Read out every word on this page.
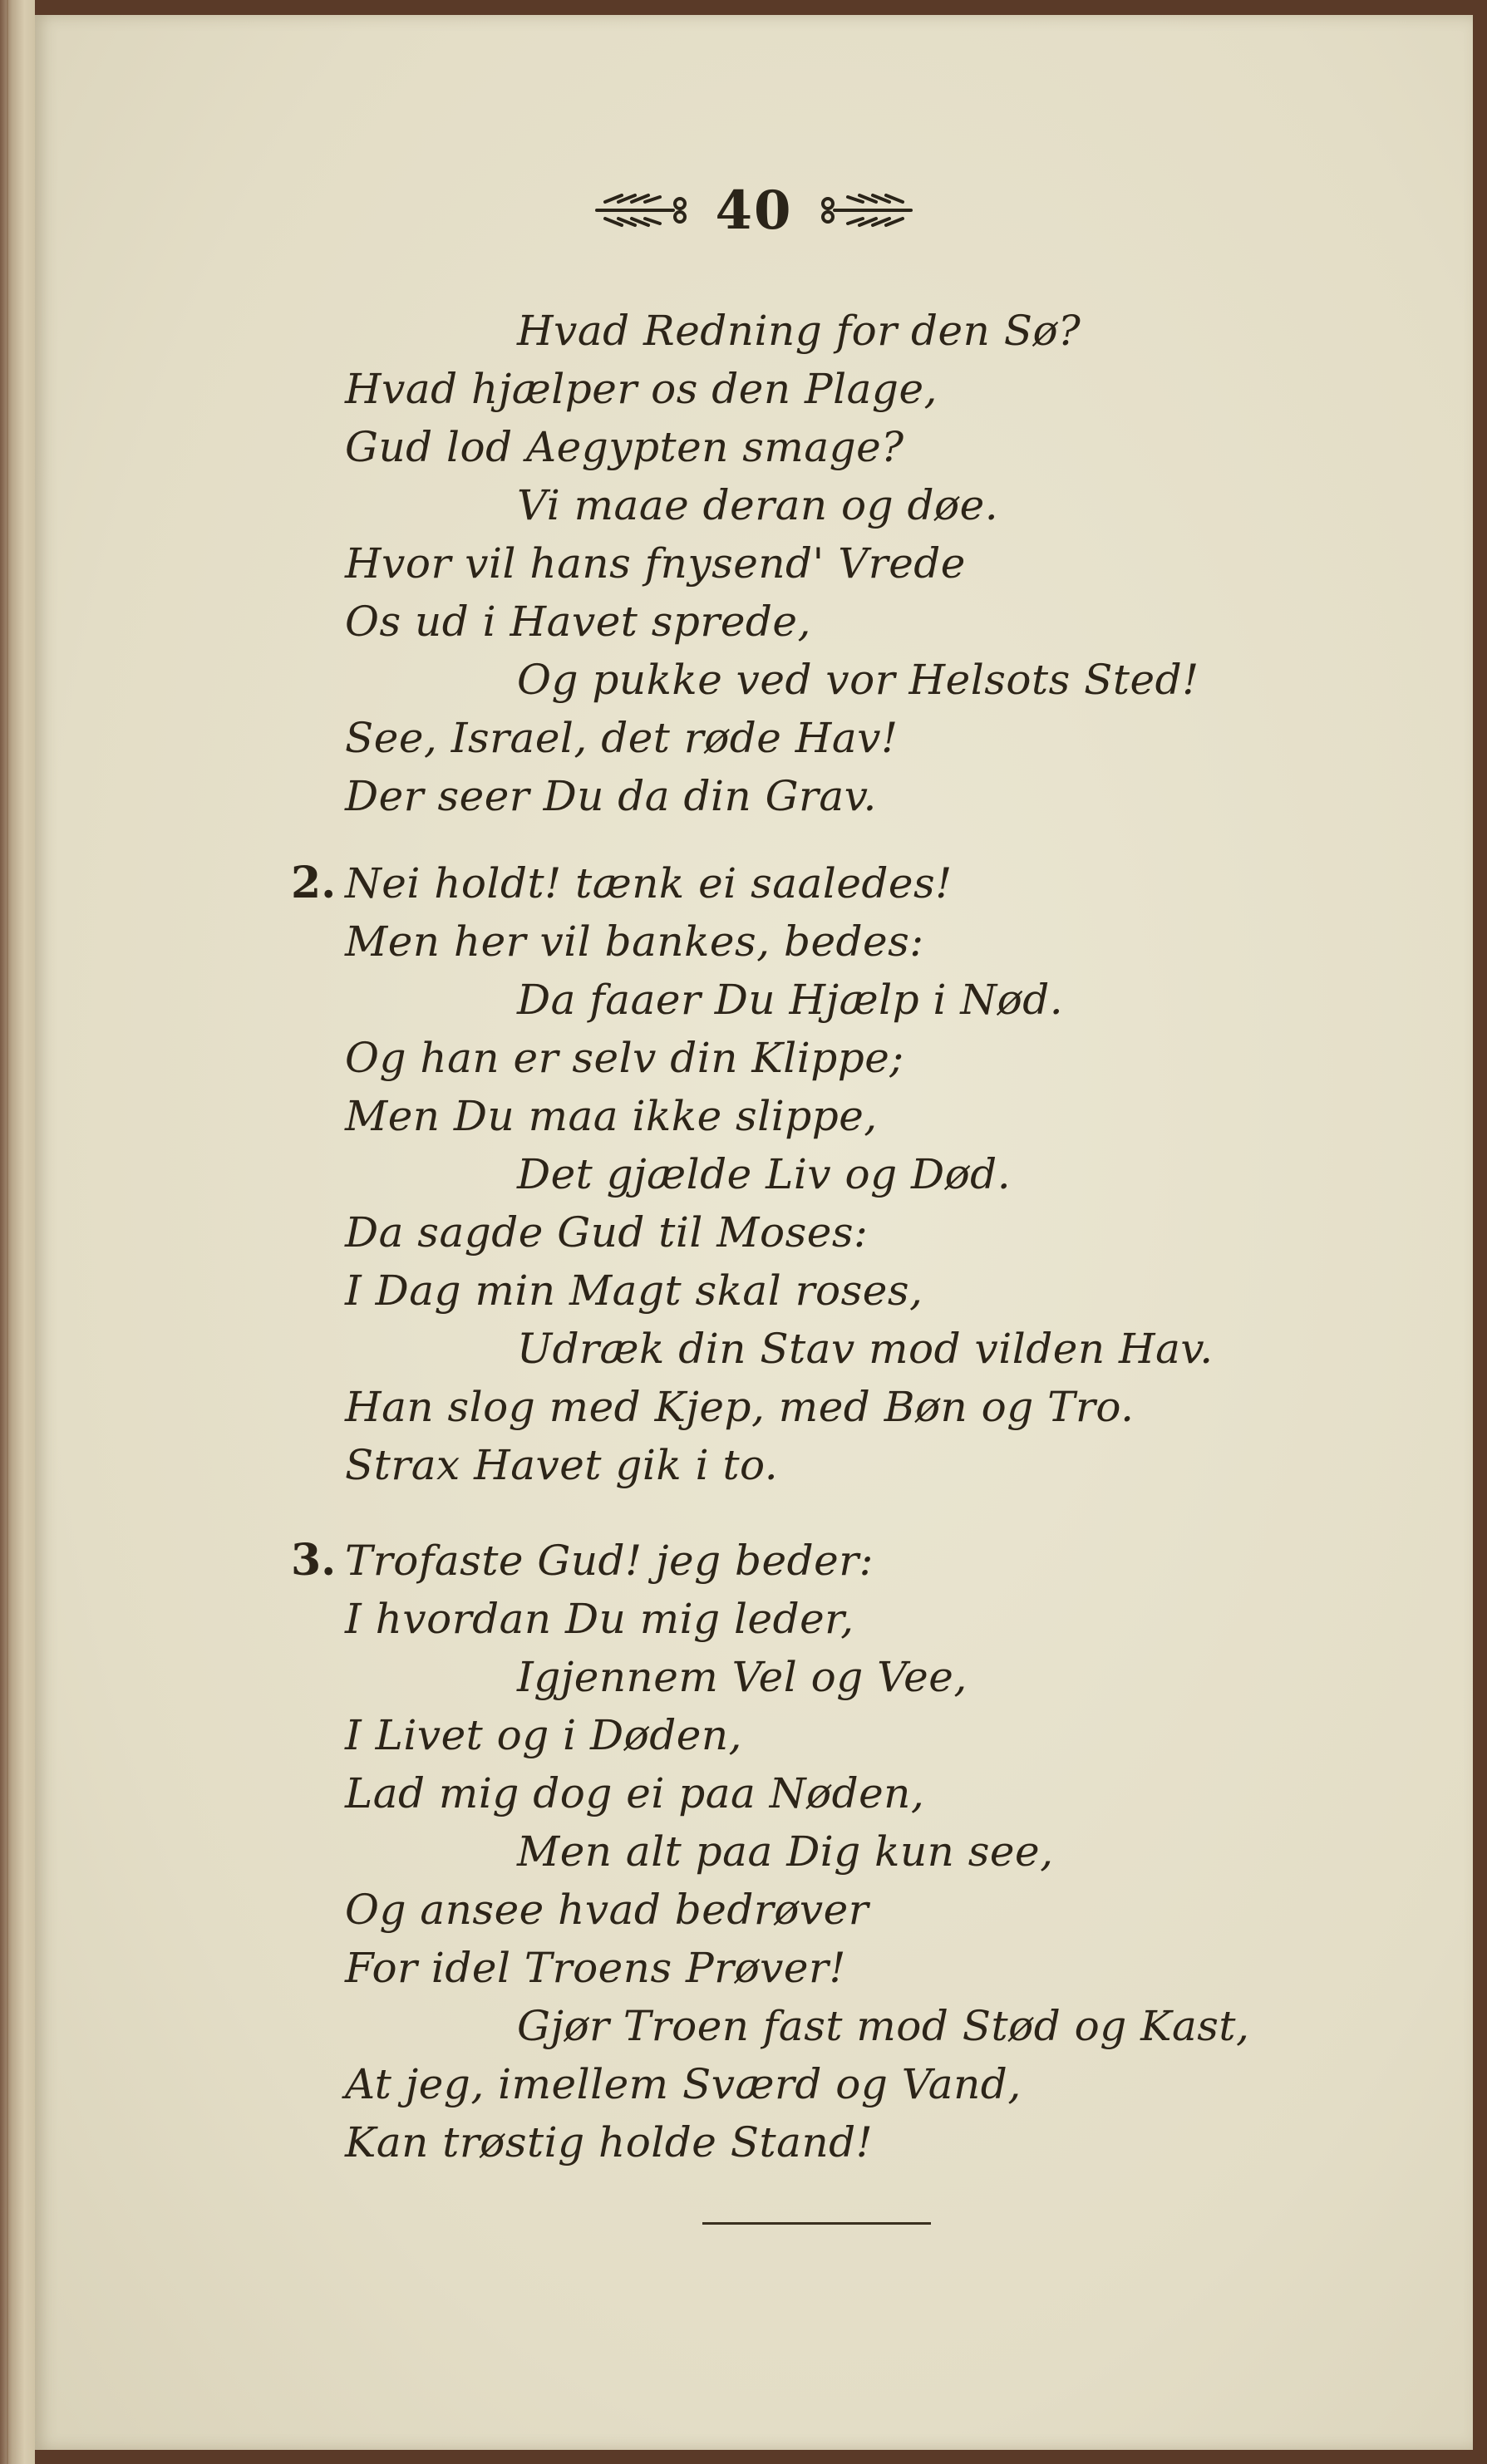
40
Hvad Redning for den Sø?
Hvad hjælper os den Plage,
Gud lod Aegypten smage?
Vi maae deran og døe.
Hvor vil hans fnysend' Vrede
Os ud i Havet sprede,
Og pukke ved vor Helsots Sted!
See, Israel, det røde Hav!
Der seer Du da din Grav.
2. Nei holdt! tænk ei saaledes!
Men her vil bankes, bedes:
Da faaer Du Hjælp i Nød.
Og han er selv din Klippe;
Men Du maa ikke slippe,
Det gjælde Liv og Død.
Da sagde Gud til Moses:
I Dag min Magt skal roses,
Udræk din Stav mod vilden Hav.
Han slog med Kjep, med Bøn og Tro.
Strax Havet gik i to.
3. Trofaste Gud! jeg beder:
I hvordan Du mig leder,
Igjennem Vel og Vee,
I Livet og i Døden,
Lad mig dog ei paa Nøden,
Men alt paa Dig kun see,
Og ansee hvad bedrøver
For idel Troens Prøver!
Gjør Troen fast mod Stød og Kast,
At jeg, imellem Sværd og Vand,
Kan trøstig holde Stand!
